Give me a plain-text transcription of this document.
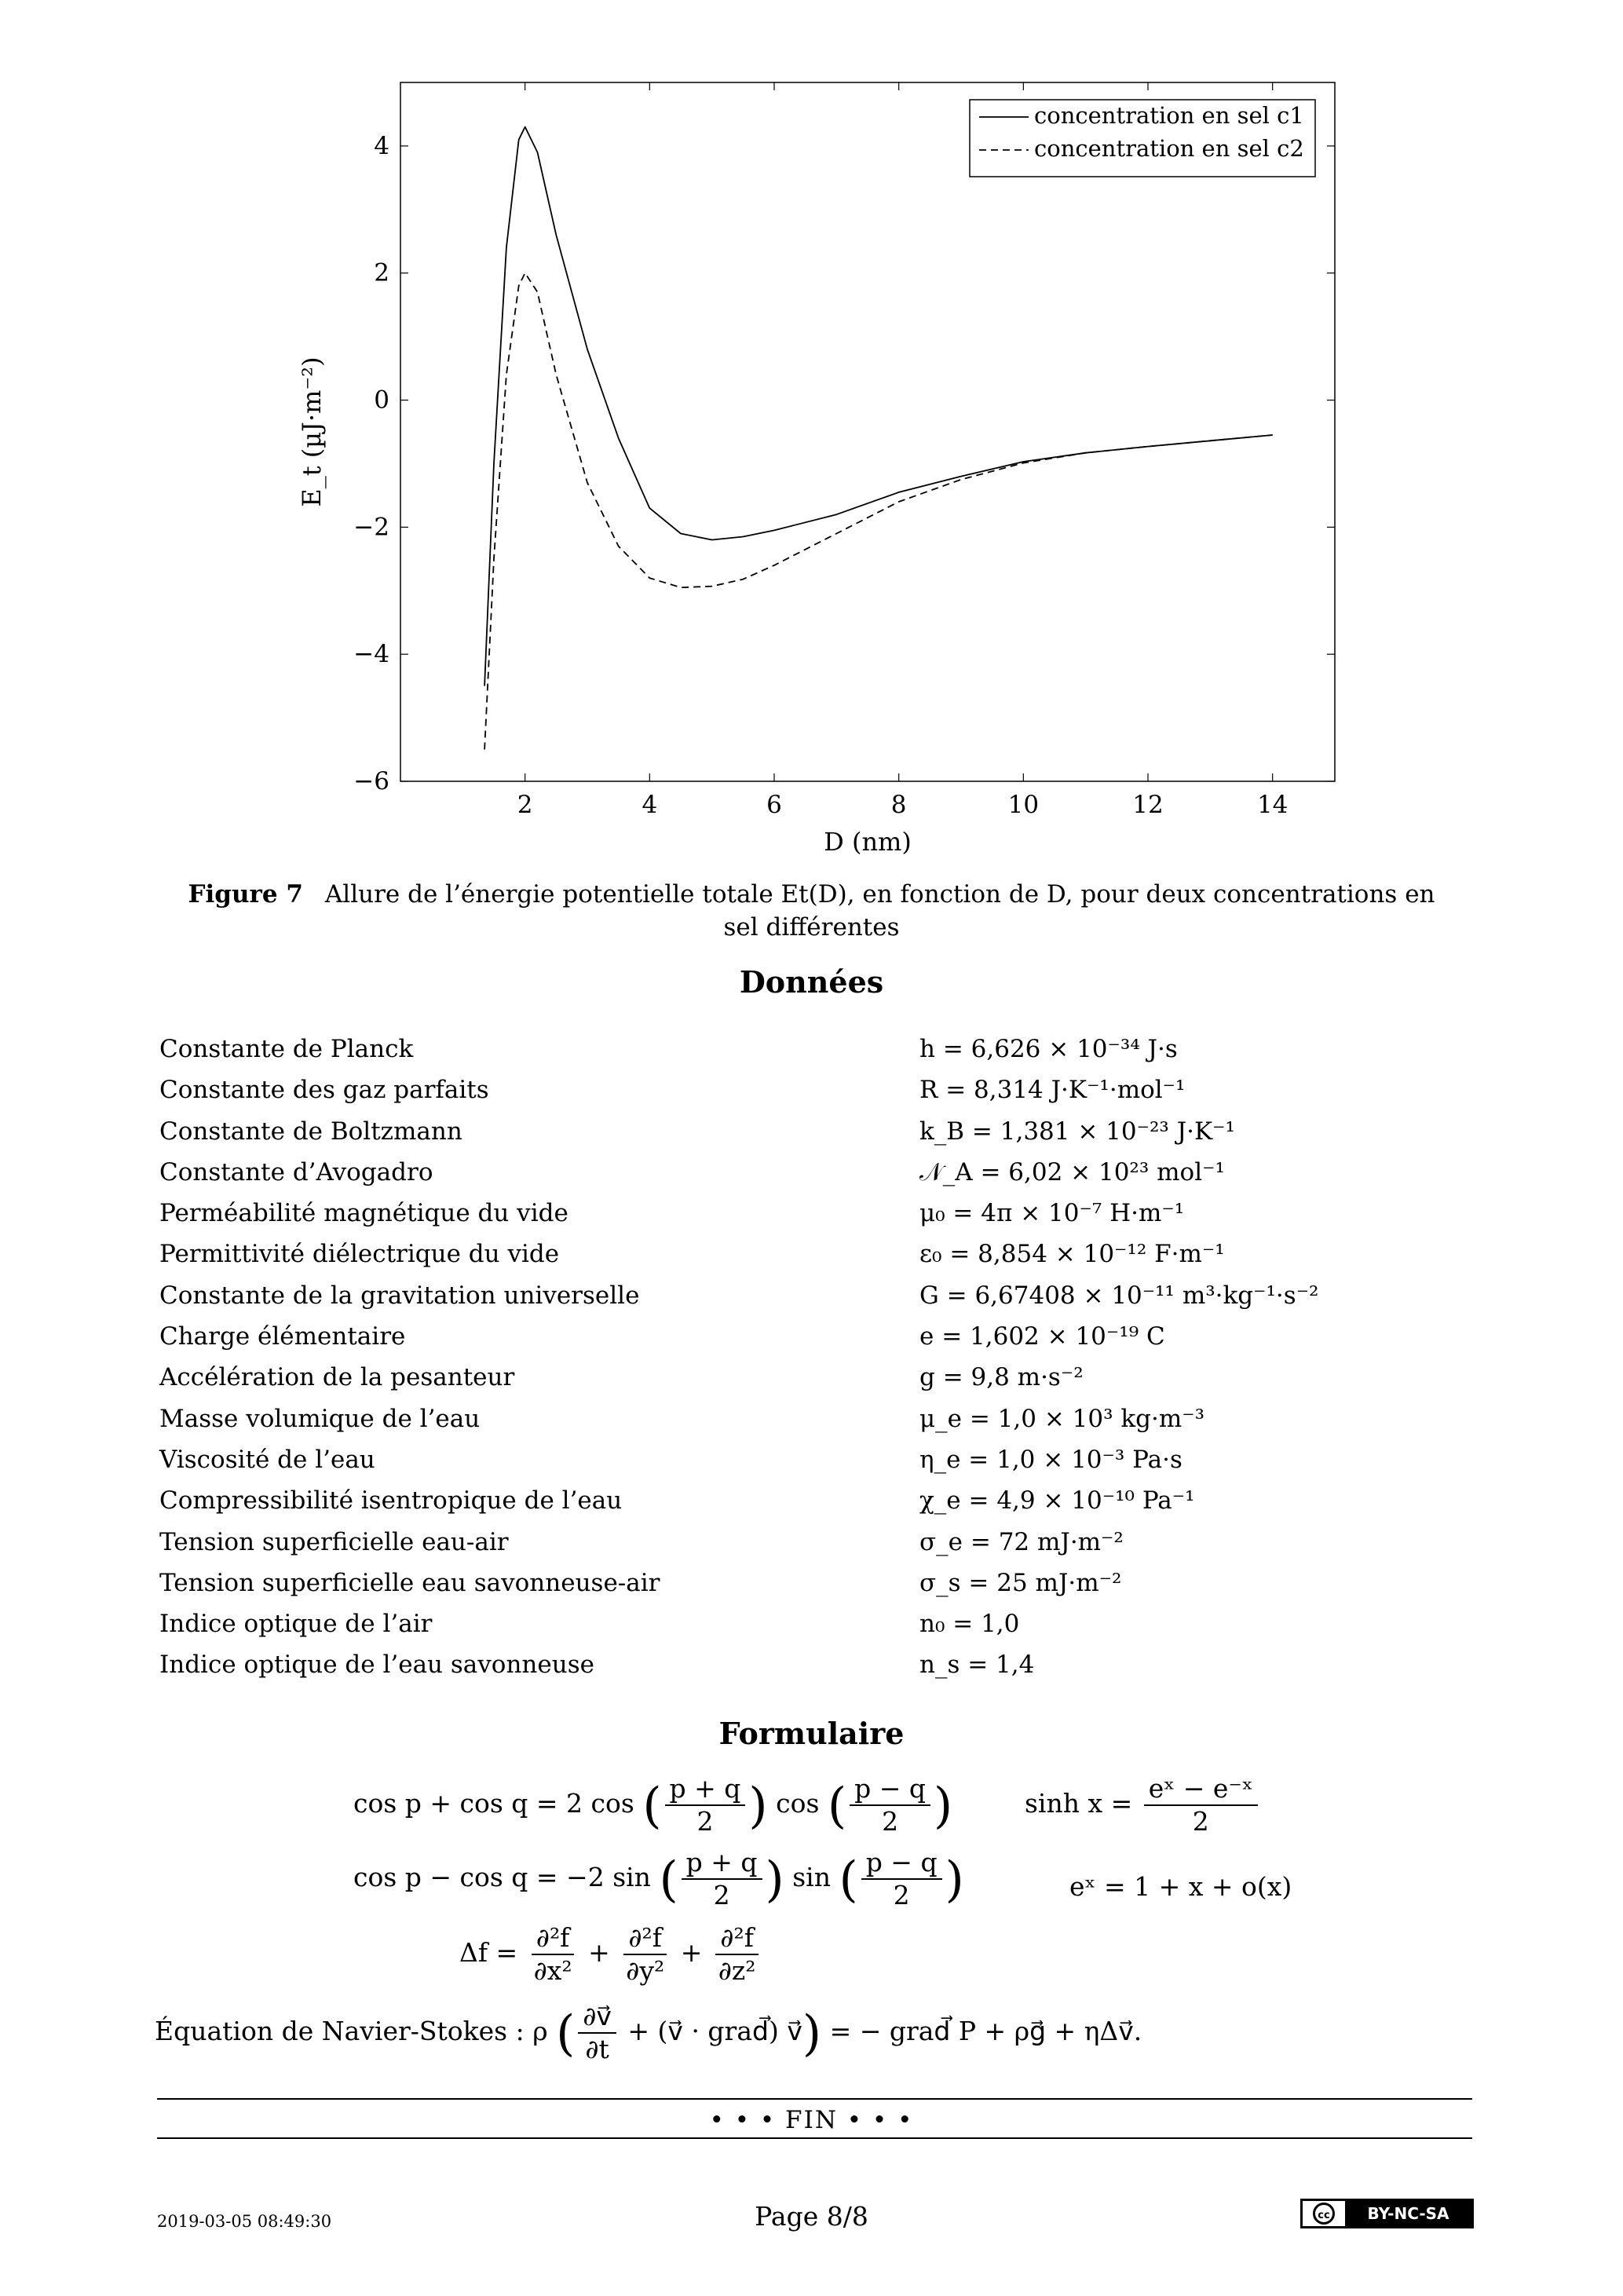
2	4	6	8	10	12	14
−6
−4
−2
0
2
4
D (nm)
E_t (µJ·m⁻²)
concentration en sel c1
concentration en sel c2
Figure 7 Allure de l’énergie potentielle totale Et(D), en fonction de D, pour deux concentrations en sel différentes
Données
Constante de Planck	h = 6,626 × 10⁻³⁴ J·s
Constante des gaz parfaits	R = 8,314 J·K⁻¹·mol⁻¹
Constante de Boltzmann	k_B = 1,381 × 10⁻²³ J·K⁻¹
Constante d’Avogadro	𝒩_A = 6,02 × 10²³ mol⁻¹
Perméabilité magnétique du vide	μ₀ = 4π × 10⁻⁷ H·m⁻¹
Permittivité diélectrique du vide	ε₀ = 8,854 × 10⁻¹² F·m⁻¹
Constante de la gravitation universelle	G = 6,67408 × 10⁻¹¹ m³·kg⁻¹·s⁻²
Charge élémentaire	e = 1,602 × 10⁻¹⁹ C
Accélération de la pesanteur	g = 9,8 m·s⁻²
Masse volumique de l’eau	μ_e = 1,0 × 10³ kg·m⁻³
Viscosité de l’eau	η_e = 1,0 × 10⁻³ Pa·s
Compressibilité isentropique de l’eau	χ_e = 4,9 × 10⁻¹⁰ Pa⁻¹
Tension superficielle eau-air	σ_e = 72 mJ·m⁻²
Tension superficielle eau savonneuse-air	σ_s = 25 mJ·m⁻²
Indice optique de l’air	n₀ = 1,0
Indice optique de l’eau savonneuse	n_s = 1,4
Formulaire
cos p + cos q = 2 cos ( $\frac{p + q}{2}$ ) cos ( $\frac{p - q}{2}$ )	$\sinh x = \frac{\text{eˣ − e⁻ˣ}}{2}$
cos p − cos q = −2 sin ( $\frac{p + q}{2}$ ) sin ( $\frac{p - q}{2}$ )	eˣ = 1 + x + o(x)
$\Delta f = \frac{\text{∂²f}}{\text{∂x²}} + \frac{\text{∂²f}}{\text{∂y²}} + \frac{\text{∂²f}}{\text{∂z²}}$
Équation de Navier-Stokes : ρ ( $\frac{\partial v⃗}{\partial t}$ + (v⃗ · grad⃗) v⃗) = − grad⃗ P + ρg⃗ + ηΔv⃗.
• • • FIN • • •
2019-03-05 08:49:30	Page 8/8	cc	BY-NC-SA
